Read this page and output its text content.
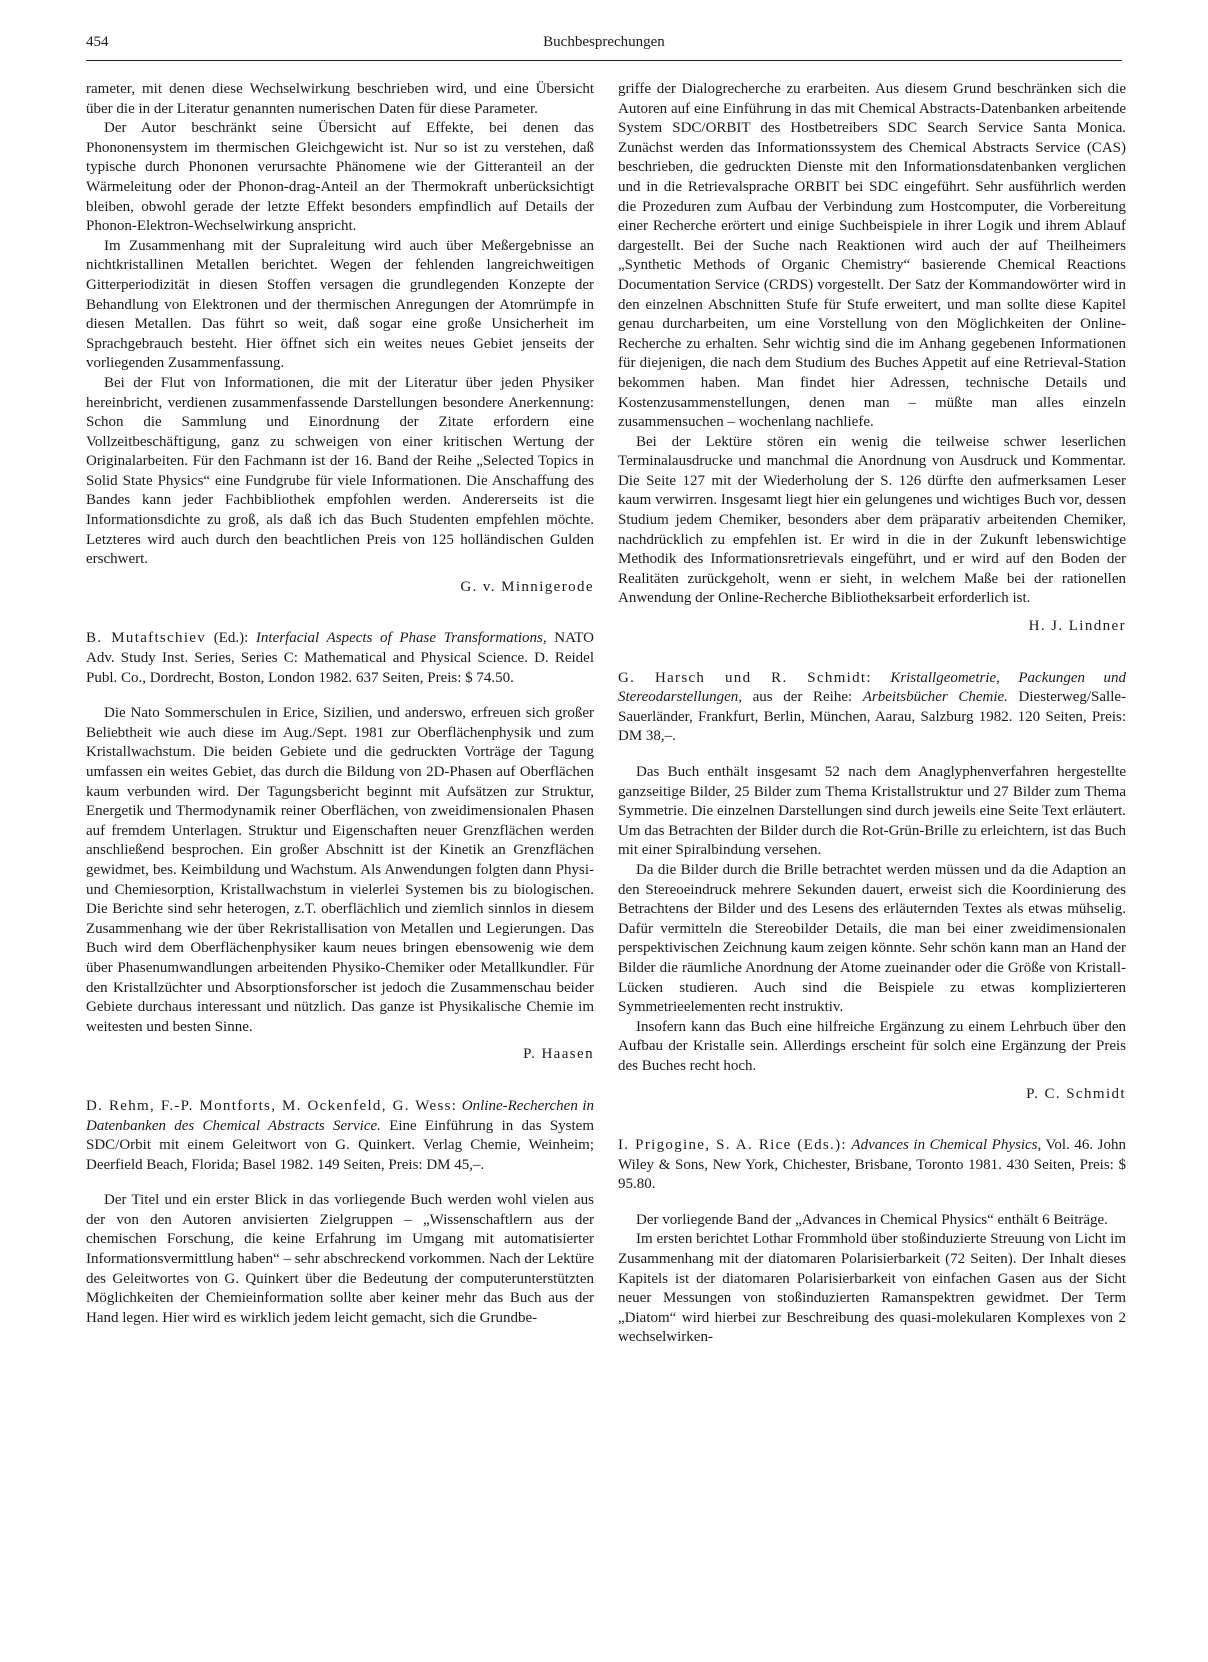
454	Buchbesprechungen

rameter, mit denen diese Wechselwirkung beschrieben wird, und eine Übersicht über die in der Literatur genannten numerischen Daten für diese Parameter.

Der Autor beschränkt seine Übersicht auf Effekte, bei denen das Phononensystem im thermischen Gleichgewicht ist. Nur so ist zu verstehen, daß typische durch Phononen verursachte Phänomene wie der Gitteranteil an der Wärmeleitung oder der Phonon-drag-Anteil an der Thermokraft unberücksichtigt bleiben, obwohl gerade der letzte Effekt besonders empfindlich auf Details der Phonon-Elektron-Wechselwirkung anspricht.

Im Zusammenhang mit der Supraleitung wird auch über Meßergebnisse an nichtkristallinen Metallen berichtet. Wegen der fehlenden langreichweitigen Gitterperiodizität in diesen Stoffen versagen die grundlegenden Konzepte der Behandlung von Elektronen und der thermischen Anregungen der Atomrümpfe in diesen Metallen. Das führt so weit, daß sogar eine große Unsicherheit im Sprachgebrauch besteht. Hier öffnet sich ein weites neues Gebiet jenseits der vorliegenden Zusammenfassung.

Bei der Flut von Informationen, die mit der Literatur über jeden Physiker hereinbricht, verdienen zusammenfassende Darstellungen besondere Anerkennung: Schon die Sammlung und Einordnung der Zitate erfordern eine Vollzeitbeschäftigung, ganz zu schweigen von einer kritischen Wertung der Originalarbeiten. Für den Fachmann ist der 16. Band der Reihe „Selected Topics in Solid State Physics“ eine Fundgrube für viele Informationen. Die Anschaffung des Bandes kann jeder Fachbibliothek empfohlen werden. Andererseits ist die Informationsdichte zu groß, als daß ich das Buch Studenten empfehlen möchte. Letzteres wird auch durch den beachtlichen Preis von 125 holländischen Gulden erschwert.

G. v. Minnigerode

B. Mutaftschiev (Ed.): Interfacial Aspects of Phase Transformations, NATO Adv. Study Inst. Series, Series C: Mathematical and Physical Science. D. Reidel Publ. Co., Dordrecht, Boston, London 1982. 637 Seiten, Preis: $ 74.50.

Die Nato Sommerschulen in Erice, Sizilien, und anderswo, erfreuen sich großer Beliebtheit wie auch diese im Aug./Sept. 1981 zur Oberflächenphysik und zum Kristallwachstum. Die beiden Gebiete und die gedruckten Vorträge der Tagung umfassen ein weites Gebiet, das durch die Bildung von 2D-Phasen auf Oberflächen kaum verbunden wird. Der Tagungsbericht beginnt mit Aufsätzen zur Struktur, Energetik und Thermodynamik reiner Oberflächen, von zweidimensionalen Phasen auf fremdem Unterlagen. Struktur und Eigenschaften neuer Grenzflächen werden anschließend besprochen. Ein großer Abschnitt ist der Kinetik an Grenzflächen gewidmet, bes. Keimbildung und Wachstum. Als Anwendungen folgten dann Physi- und Chemiesorption, Kristallwachstum in vielerlei Systemen bis zu biologischen. Die Berichte sind sehr heterogen, z.T. oberflächlich und ziemlich sinnlos in diesem Zusammenhang wie der über Rekristallisation von Metallen und Legierungen. Das Buch wird dem Oberflächenphysiker kaum neues bringen ebensowenig wie dem über Phasenumwandlungen arbeitenden Physiko-Chemiker oder Metallkundler. Für den Kristallzüchter und Absorptionsforscher ist jedoch die Zusammenschau beider Gebiete durchaus interessant und nützlich. Das ganze ist Physikalische Chemie im weitesten und besten Sinne.

P. Haasen

D. Rehm, F.-P. Montforts, M. Ockenfeld, G. Wess: Online-Recherchen in Datenbanken des Chemical Abstracts Service. Eine Einführung in das System SDC/Orbit mit einem Geleitwort von G. Quinkert. Verlag Chemie, Weinheim; Deerfield Beach, Florida; Basel 1982. 149 Seiten, Preis: DM 45,–.

Der Titel und ein erster Blick in das vorliegende Buch werden wohl vielen aus der von den Autoren anvisierten Zielgruppen – „Wissenschaftlern aus der chemischen Forschung, die keine Erfahrung im Umgang mit automatisierter Informationsvermittlung haben“ – sehr abschreckend vorkommen. Nach der Lektüre des Geleitwortes von G. Quinkert über die Bedeutung der computerunterstützten Möglichkeiten der Chemieinformation sollte aber keiner mehr das Buch aus der Hand legen. Hier wird es wirklich jedem leicht gemacht, sich die Grundbe-

griffe der Dialogrecherche zu erarbeiten. Aus diesem Grund beschränken sich die Autoren auf eine Einführung in das mit Chemical Abstracts-Datenbanken arbeitende System SDC/ORBIT des Hostbetreibers SDC Search Service Santa Monica. Zunächst werden das Informationssystem des Chemical Abstracts Service (CAS) beschrieben, die gedruckten Dienste mit den Informationsdatenbanken verglichen und in die Retrievalsprache ORBIT bei SDC eingeführt. Sehr ausführlich werden die Prozeduren zum Aufbau der Verbindung zum Hostcomputer, die Vorbereitung einer Recherche erörtert und einige Suchbeispiele in ihrer Logik und ihrem Ablauf dargestellt. Bei der Suche nach Reaktionen wird auch der auf Theilheimers „Synthetic Methods of Organic Chemistry“ basierende Chemical Reactions Documentation Service (CRDS) vorgestellt. Der Satz der Kommandowörter wird in den einzelnen Abschnitten Stufe für Stufe erweitert, und man sollte diese Kapitel genau durcharbeiten, um eine Vorstellung von den Möglichkeiten der Online-Recherche zu erhalten. Sehr wichtig sind die im Anhang gegebenen Informationen für diejenigen, die nach dem Studium des Buches Appetit auf eine Retrieval-Station bekommen haben. Man findet hier Adressen, technische Details und Kostenzusammenstellungen, denen man – müßte man alles einzeln zusammensuchen – wochenlang nachliefe.

Bei der Lektüre stören ein wenig die teilweise schwer leserlichen Terminalausdrucke und manchmal die Anordnung von Ausdruck und Kommentar. Die Seite 127 mit der Wiederholung der S. 126 dürfte den aufmerksamen Leser kaum verwirren. Insgesamt liegt hier ein gelungenes und wichtiges Buch vor, dessen Studium jedem Chemiker, besonders aber dem präparativ arbeitenden Chemiker, nachdrücklich zu empfehlen ist. Er wird in die in der Zukunft lebenswichtige Methodik des Informationsretrievals eingeführt, und er wird auf den Boden der Realitäten zurückgeholt, wenn er sieht, in welchem Maße bei der rationellen Anwendung der Online-Recherche Bibliotheksarbeit erforderlich ist.

H. J. Lindner

G. Harsch und R. Schmidt: Kristallgeometrie, Packungen und Stereodarstellungen, aus der Reihe: Arbeitsbücher Chemie. Diesterweg/Salle-Sauerländer, Frankfurt, Berlin, München, Aarau, Salzburg 1982. 120 Seiten, Preis: DM 38,–.

Das Buch enthält insgesamt 52 nach dem Anaglyphenverfahren hergestellte ganzseitige Bilder, 25 Bilder zum Thema Kristallstruktur und 27 Bilder zum Thema Symmetrie. Die einzelnen Darstellungen sind durch jeweils eine Seite Text erläutert. Um das Betrachten der Bilder durch die Rot-Grün-Brille zu erleichtern, ist das Buch mit einer Spiralbindung versehen.

Da die Bilder durch die Brille betrachtet werden müssen und da die Adaption an den Stereoeindruck mehrere Sekunden dauert, erweist sich die Koordinierung des Betrachtens der Bilder und des Lesens des erläuternden Textes als etwas mühselig. Dafür vermitteln die Stereobilder Details, die man bei einer zweidimensionalen perspektivischen Zeichnung kaum zeigen könnte. Sehr schön kann man an Hand der Bilder die räumliche Anordnung der Atome zueinander oder die Größe von Kristall-Lücken studieren. Auch sind die Beispiele zu etwas komplizierteren Symmetrieelementen recht instruktiv.

Insofern kann das Buch eine hilfreiche Ergänzung zu einem Lehrbuch über den Aufbau der Kristalle sein. Allerdings erscheint für solch eine Ergänzung der Preis des Buches recht hoch.

P. C. Schmidt

I. Prigogine, S. A. Rice (Eds.): Advances in Chemical Physics, Vol. 46. John Wiley & Sons, New York, Chichester, Brisbane, Toronto 1981. 430 Seiten, Preis: $ 95.80.

Der vorliegende Band der „Advances in Chemical Physics“ enthält 6 Beiträge.

Im ersten berichtet Lothar Frommhold über stoßinduzierte Streuung von Licht im Zusammenhang mit der diatomaren Polarisierbarkeit (72 Seiten). Der Inhalt dieses Kapitels ist der diatomaren Polarisierbarkeit von einfachen Gasen aus der Sicht neuer Messungen von stoßinduzierten Ramanspektren gewidmet. Der Term „Diatom“ wird hierbei zur Beschreibung des quasi-molekularen Komplexes von 2 wechselwirken-
